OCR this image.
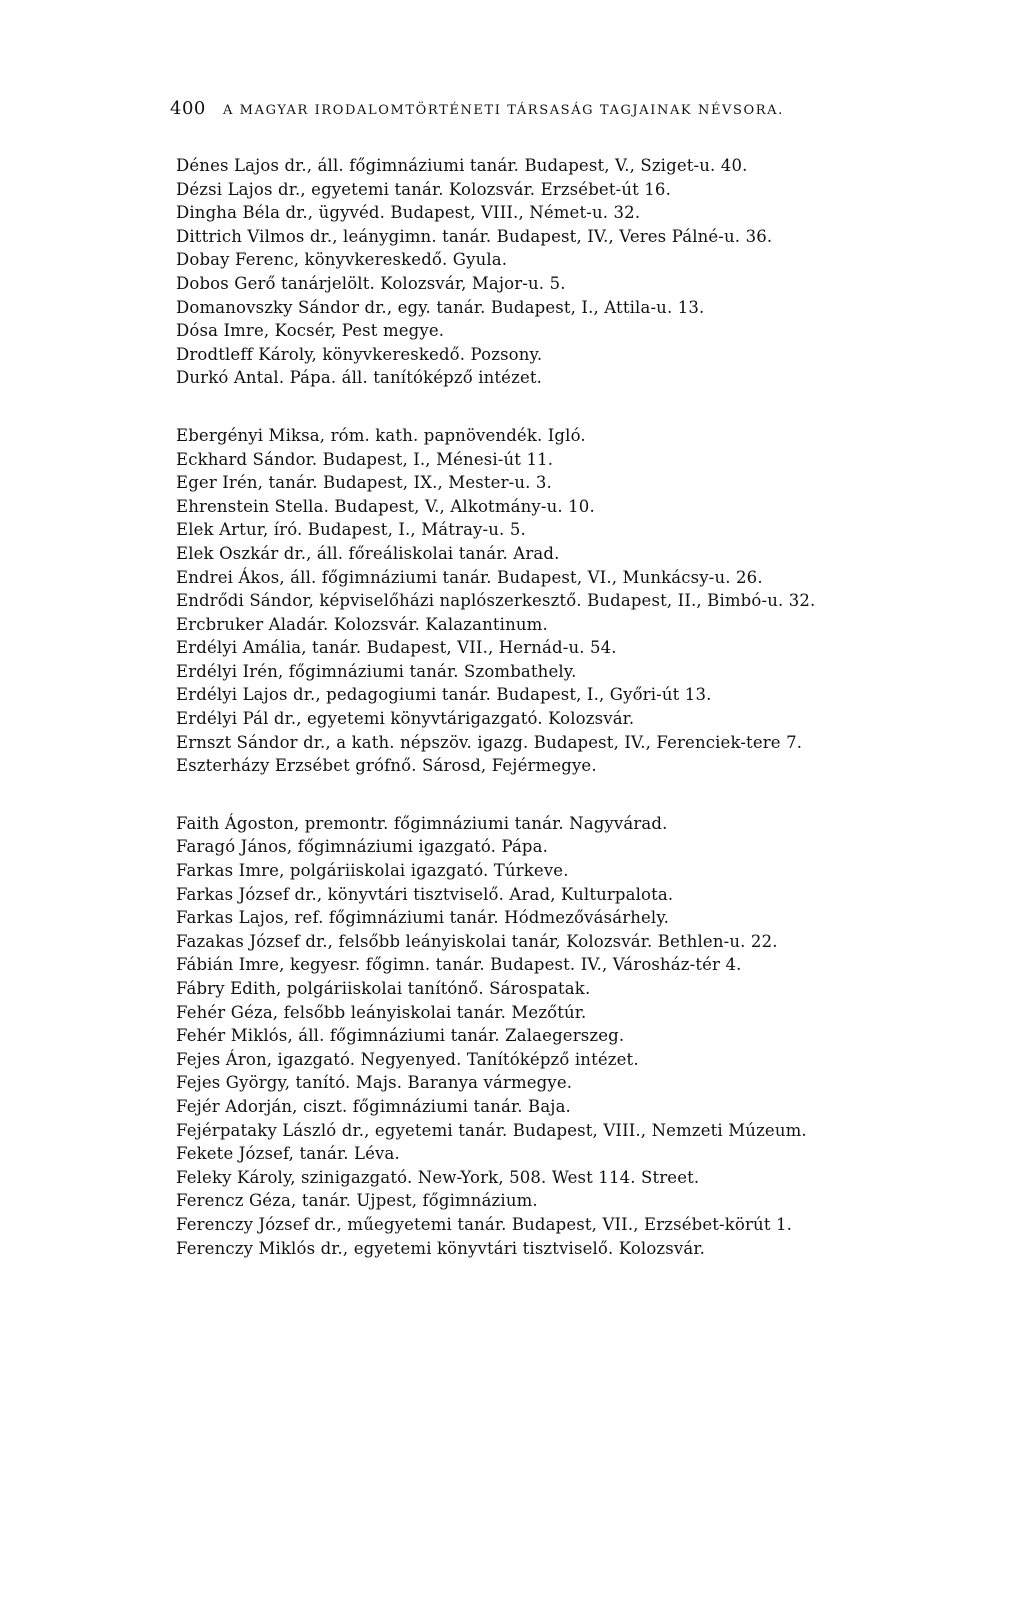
400 A MAGYAR IRODALOMTÖRTÉNETI TÁRSASÁG TAGJAINAK NÉVSORA.
Dénes Lajos dr., áll. főgimnáziumi tanár. Budapest, V., Sziget-u. 40.
Dézsi Lajos dr., egyetemi tanár. Kolozsvár. Erzsébet-út 16.
Dingha Béla dr., ügyvéd. Budapest, VIII., Német-u. 32.
Dittrich Vilmos dr., leánygimn. tanár. Budapest, IV., Veres Pálné-u. 36.
Dobay Ferenc, könyvkereskedő. Gyula.
Dobos Gerő tanárjelölt. Kolozsvár, Major-u. 5.
Domanovszky Sándor dr., egy. tanár. Budapest, I., Attila-u. 13.
Dósa Imre, Kocsér, Pest megye.
Drodtleff Károly, könyvkereskedő. Pozsony.
Durkó Antal. Pápa. áll. tanítóképző intézet.
Ebergényi Miksa, róm. kath. papnövendék. Igló.
Eckhard Sándor. Budapest, I., Ménesi-út 11.
Eger Irén, tanár. Budapest, IX., Mester-u. 3.
Ehrenstein Stella. Budapest, V., Alkotmány-u. 10.
Elek Artur, író. Budapest, I., Mátray-u. 5.
Elek Oszkár dr., áll. főreáliskolai tanár. Arad.
Endrei Ákos, áll. főgimnáziumi tanár. Budapest, VI., Munkácsy-u. 26.
Endrődi Sándor, képviselőházi naplószerkesztő. Budapest, II., Bimbó-u. 32.
Ercbruker Aladár. Kolozsvár. Kalazantinum.
Erdélyi Amália, tanár. Budapest, VII., Hernád-u. 54.
Erdélyi Irén, főgimnáziumi tanár. Szombathely.
Erdélyi Lajos dr., pedagogiumi tanár. Budapest, I., Győri-út 13.
Erdélyi Pál dr., egyetemi könyvtárigazgató. Kolozsvár.
Ernszt Sándor dr., a kath. népszöv. igazg. Budapest, IV., Ferenciek-tere 7.
Eszterházy Erzsébet grófnő. Sárosd, Fejérmegye.
Faith Ágoston, premontr. főgimnáziumi tanár. Nagyvárad.
Faragó János, főgimnáziumi igazgató. Pápa.
Farkas Imre, polgáriiskolai igazgató. Túrkeve.
Farkas József dr., könyvtári tisztviselő. Arad, Kulturpalota.
Farkas Lajos, ref. főgimnáziumi tanár. Hódmezővásárhely.
Fazakas József dr., felsőbb leányiskolai tanár, Kolozsvár. Bethlen-u. 22.
Fábián Imre, kegyesr. főgimn. tanár. Budapest. IV., Városház-tér 4.
Fábry Edith, polgáriiskolai tanítónő. Sárospatak.
Fehér Géza, felsőbb leányiskolai tanár. Mezőtúr.
Fehér Miklós, áll. főgimnáziumi tanár. Zalaegerszeg.
Fejes Áron, igazgató. Negyenyed. Tanítóképző intézet.
Fejes György, tanító. Majs. Baranya vármegye.
Fejér Adorján, ciszt. főgimnáziumi tanár. Baja.
Fejérpataky László dr., egyetemi tanár. Budapest, VIII., Nemzeti Múzeum.
Fekete József, tanár. Léva.
Feleky Károly, szinigazgató. New-York, 508. West 114. Street.
Ferencz Géza, tanár. Ujpest, főgimnázium.
Ferenczy József dr., műegyetemi tanár. Budapest, VII., Erzsébet-körút 1.
Ferenczy Miklós dr., egyetemi könyvtári tisztviselő. Kolozsvár.
